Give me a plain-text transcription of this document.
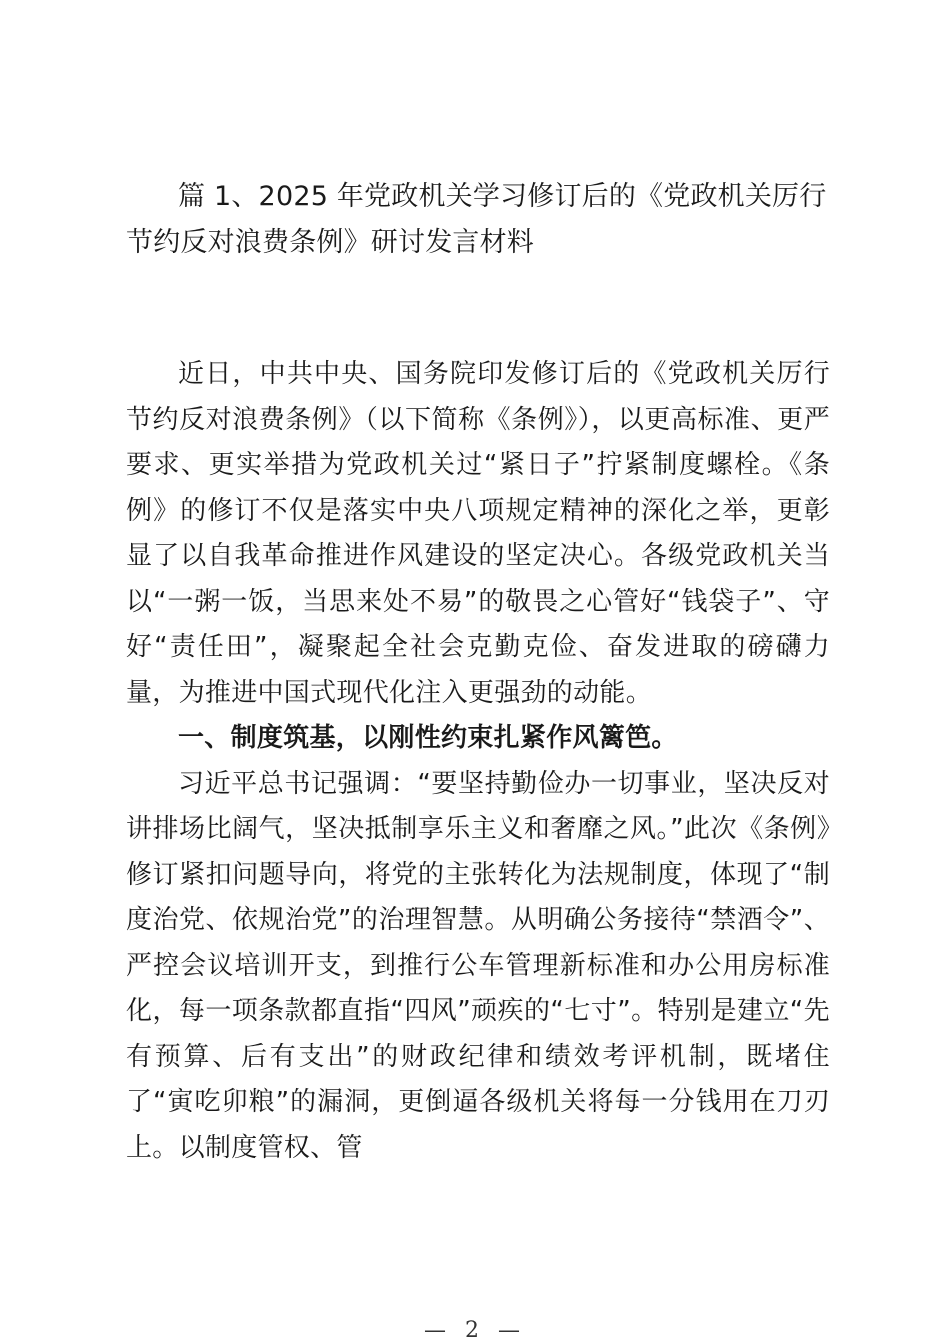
篇 1、2025 年党政机关学习修订后的《党政机关厉行节约反对浪费条例》研讨发言材料

近日，中共中央、国务院印发修订后的《党政机关厉行节约反对浪费条例》（以下简称《条例》），以更高标准、更严要求、更实举措为党政机关过“紧日子”拧紧制度螺栓。《条例》的修订不仅是落实中央八项规定精神的深化之举，更彰显了以自我革命推进作风建设的坚定决心。各级党政机关当以“一粥一饭，当思来处不易”的敬畏之心管好“钱袋子”、守好“责任田”，凝聚起全社会克勤克俭、奋发进取的磅礴力量，为推进中国式现代化注入更强劲的动能。

一、制度筑基，以刚性约束扎紧作风篱笆。

习近平总书记强调：“要坚持勤俭办一切事业，坚决反对讲排场比阔气，坚决抵制享乐主义和奢靡之风。”此次《条例》修订紧扣问题导向，将党的主张转化为法规制度，体现了“制度治党、依规治党”的治理智慧。从明确公务接待“禁酒令”、严控会议培训开支，到推行公车管理新标准和办公用房标准化，每一项条款都直指“四风”顽疾的“七寸”。特别是建立“先有预算、后有支出”的财政纪律和绩效考评机制，既堵住了“寅吃卯粮”的漏洞，更倒逼各级机关将每一分钱用在刀刃上。以制度管权、管

— 2 —
